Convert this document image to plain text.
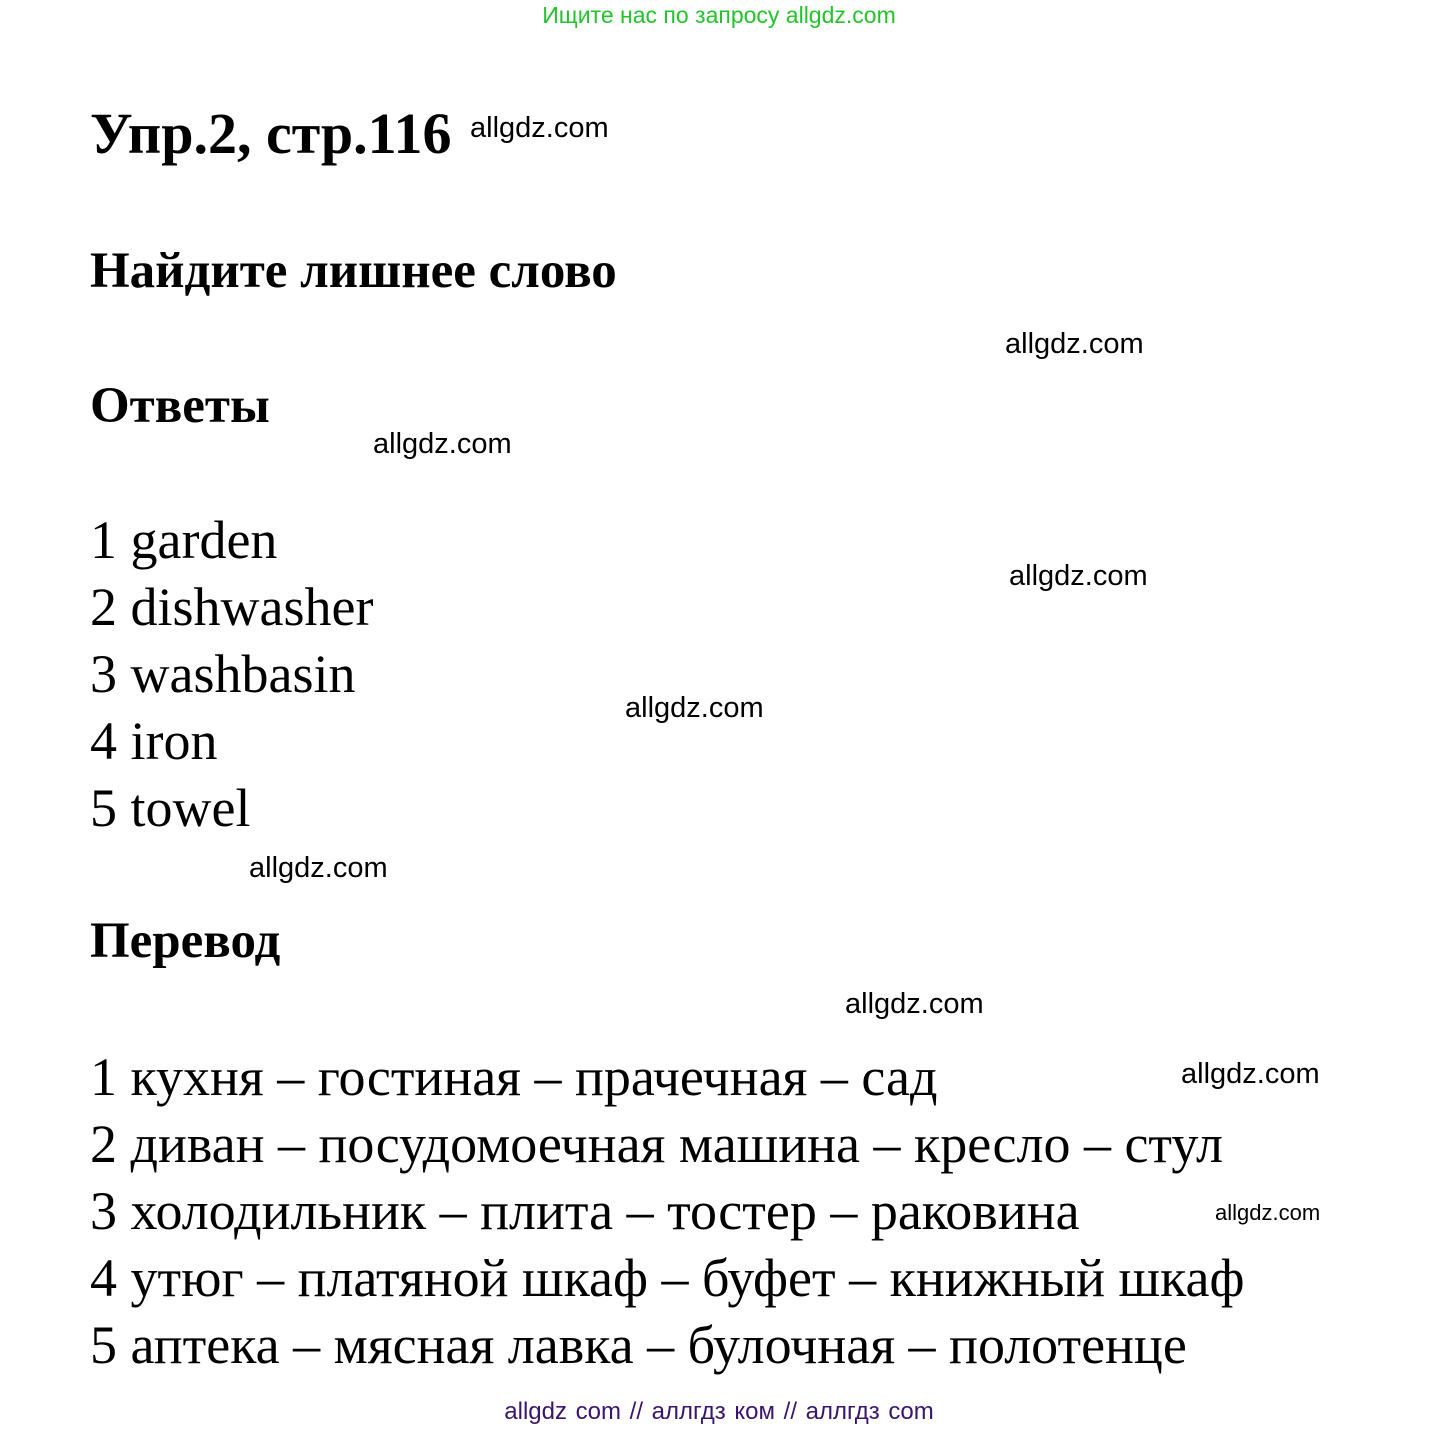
Ищите нас по запросу allgdz.com
Упр.2, стр.116
Найдите лишнее слово
Ответы
1 garden
2 dishwasher
3 washbasin
4 iron
5 towel
Перевод
1 кухня – гостиная – прачечная – сад
2 диван – посудомоечная машина – кресло – стул
3 холодильник – плита – тостер – раковина
4 утюг – платяной шкаф – буфет – книжный шкаф
5 аптека – мясная лавка – булочная – полотенце
allgdz.com
allgdz.com
allgdz.com
allgdz.com
allgdz.com
allgdz.com
allgdz.com
allgdz.com
allgdz.com
allgdz com // аллгдз ком // аллгдз com
